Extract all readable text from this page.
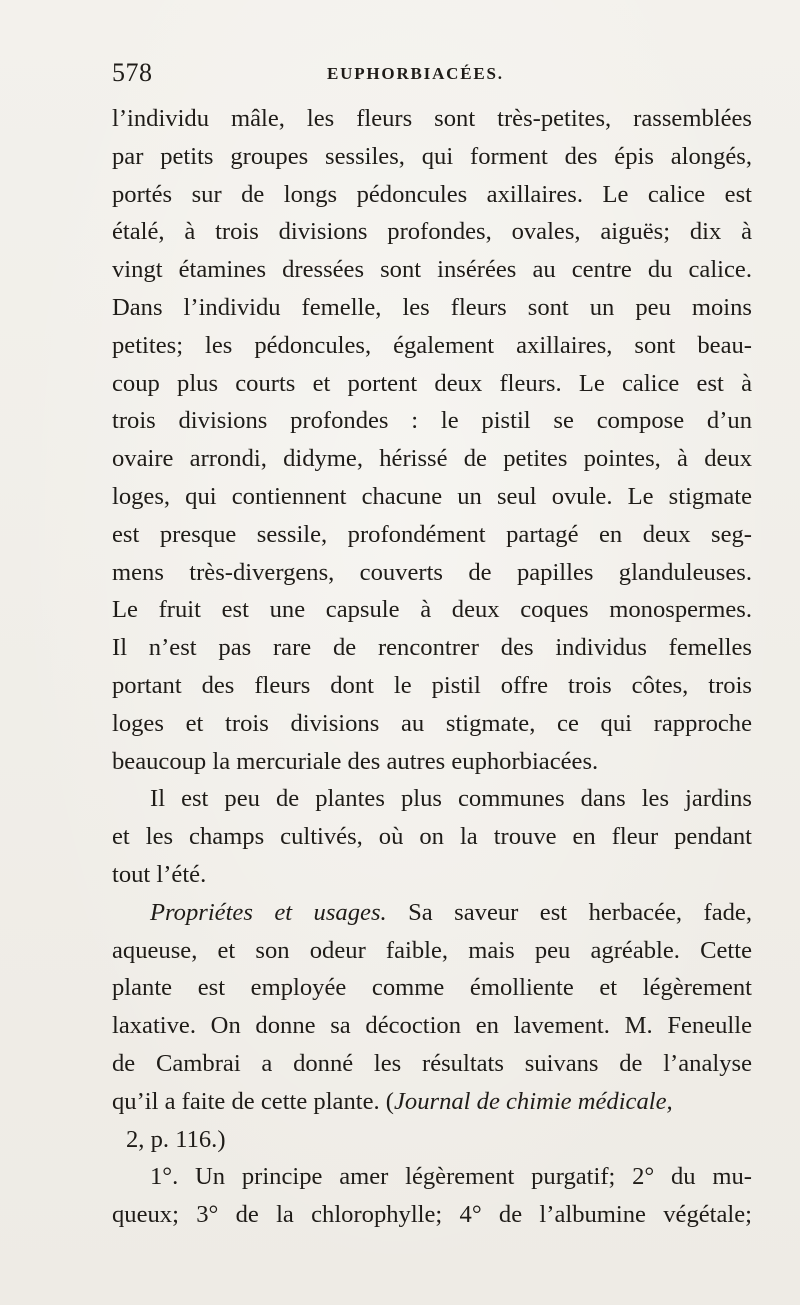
578	EUPHORBIACÉES.
l’individu mâle, les fleurs sont très-petites, rassemblées
par petits groupes sessiles, qui forment des épis alongés,
portés sur de longs pédoncules axillaires. Le calice est
étalé, à trois divisions profondes, ovales, aiguës; dix à
vingt étamines dressées sont insérées au centre du calice.
Dans l’individu femelle, les fleurs sont un peu moins
petites; les pédoncules, également axillaires, sont beau-
coup plus courts et portent deux fleurs. Le calice est à
trois divisions profondes : le pistil se compose d’un
ovaire arrondi, didyme, hérissé de petites pointes, à deux
loges, qui contiennent chacune un seul ovule. Le stigmate
est presque sessile, profondément partagé en deux seg-
mens très-divergens, couverts de papilles glanduleuses.
Le fruit est une capsule à deux coques monospermes.
Il n’est pas rare de rencontrer des individus femelles
portant des fleurs dont le pistil offre trois côtes, trois
loges et trois divisions au stigmate, ce qui rapproche
beaucoup la mercuriale des autres euphorbiacées.
Il est peu de plantes plus communes dans les jardins
et les champs cultivés, où on la trouve en fleur pendant
tout l’été.
Propriétes et usages. Sa saveur est herbacée, fade,
aqueuse, et son odeur faible, mais peu agréable. Cette
plante est employée comme émolliente et légèrement
laxative. On donne sa décoction en lavement. M. Feneulle
de Cambrai a donné les résultats suivans de l’analyse
qu’il a faite de cette plante. (Journal de chimie médicale,
2, p. 116.)
1°. Un principe amer légèrement purgatif; 2° du mu-
queux; 3° de la chlorophylle; 4° de l’albumine végétale;
